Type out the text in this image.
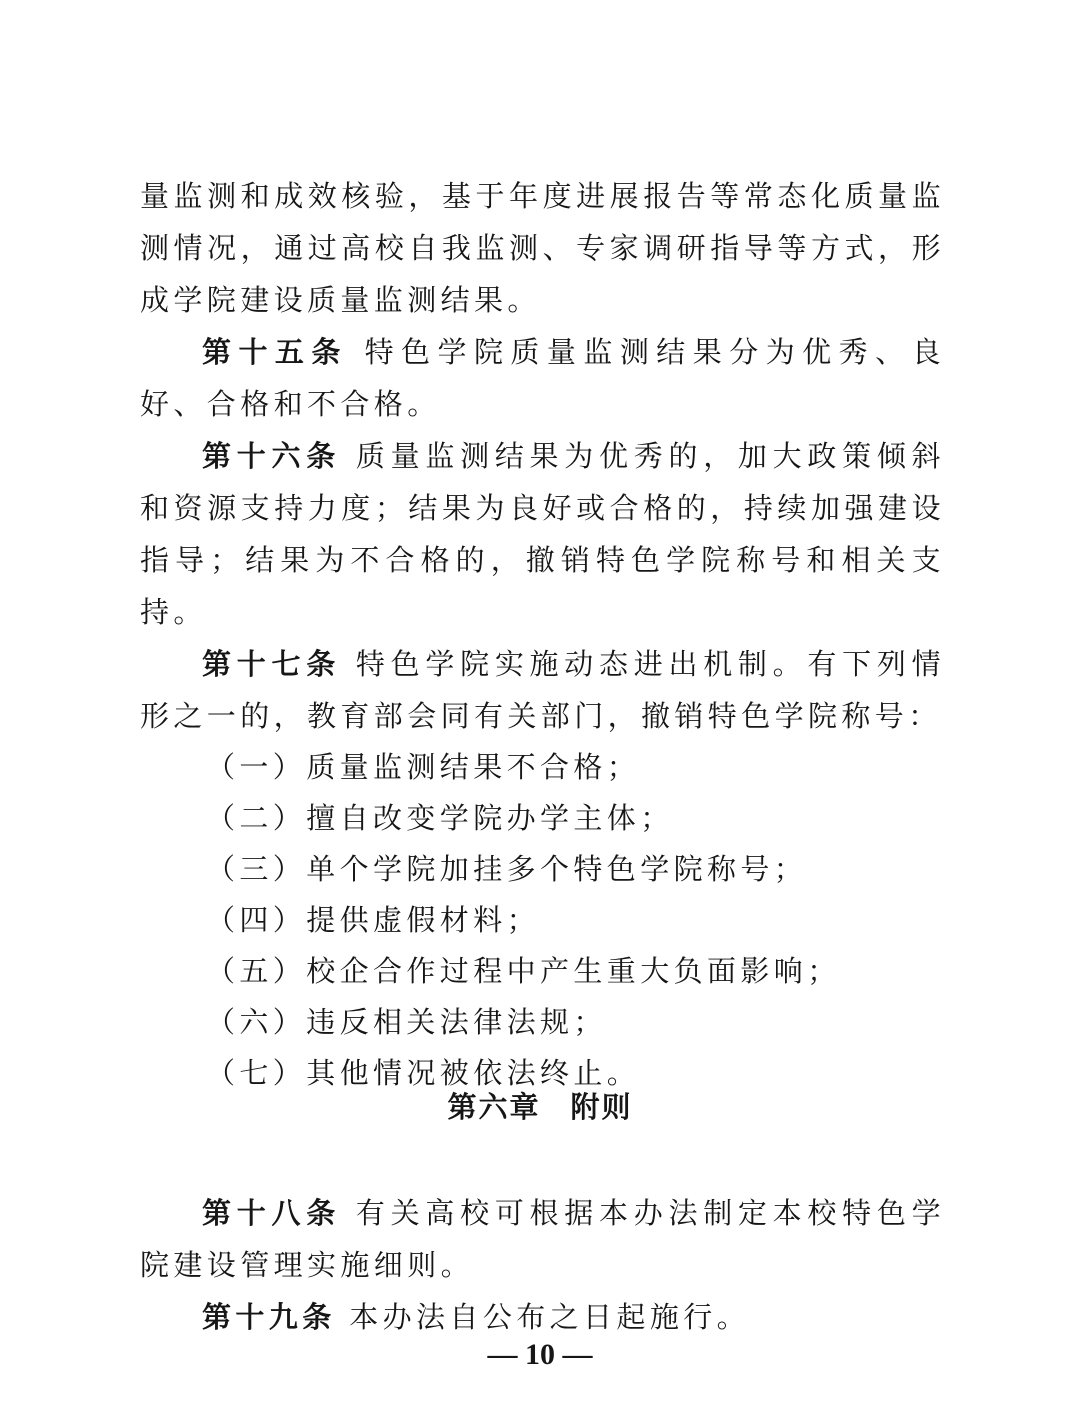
量监测和成效核验，基于年度进展报告等常态化质量监测情况，通过高校自我监测、专家调研指导等方式，形成学院建设质量监测结果。

第十五条 特色学院质量监测结果分为优秀、良好、合格和不合格。

第十六条 质量监测结果为优秀的，加大政策倾斜和资源支持力度；结果为良好或合格的，持续加强建设指导；结果为不合格的，撤销特色学院称号和相关支持。

第十七条 特色学院实施动态进出机制。有下列情形之一的，教育部会同有关部门，撤销特色学院称号：

（一）质量监测结果不合格；

（二）擅自改变学院办学主体；

（三）单个学院加挂多个特色学院称号；

（四）提供虚假材料；

（五）校企合作过程中产生重大负面影响；

（六）违反相关法律法规；

（七）其他情况被依法终止。

第六章 附则

第十八条 有关高校可根据本办法制定本校特色学院建设管理实施细则。

第十九条 本办法自公布之日起施行。

— 10 —
